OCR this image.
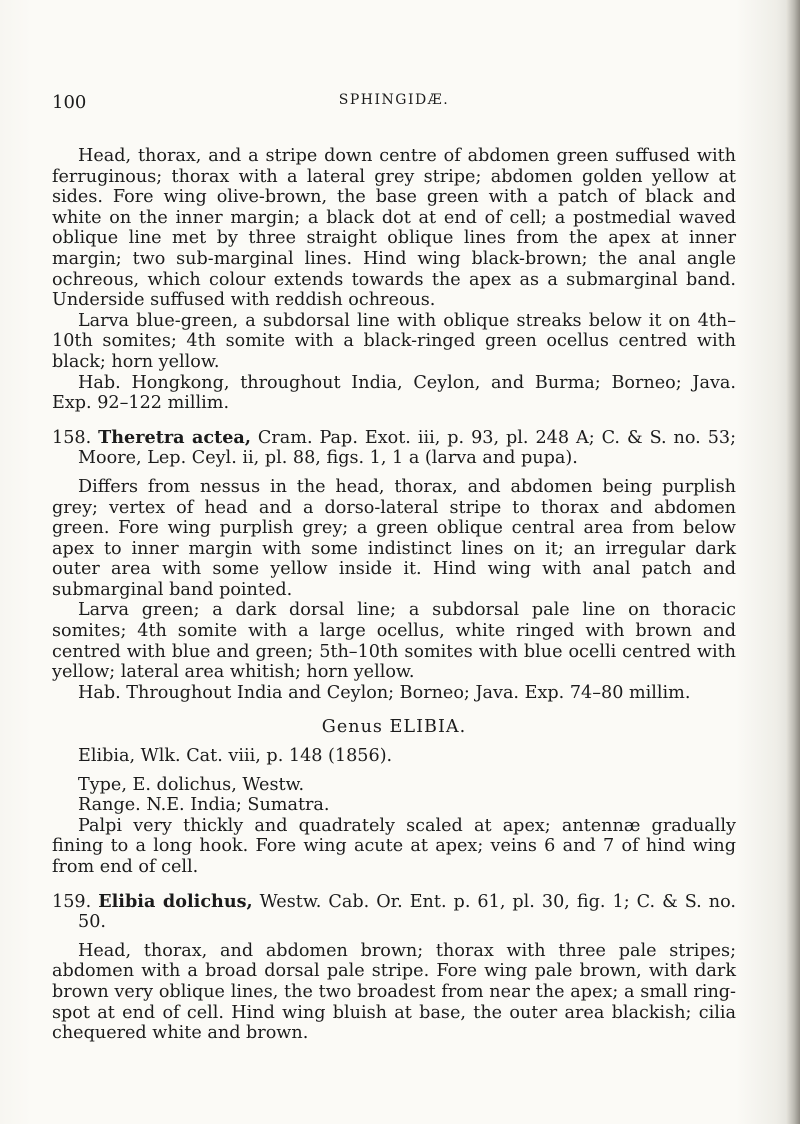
100	SPHINGIDÆ.

Head, thorax, and a stripe down centre of abdomen green suffused with ferruginous; thorax with a lateral grey stripe; abdomen golden yellow at sides. Fore wing olive-brown, the base green with a patch of black and white on the inner margin; a black dot at end of cell; a postmedial waved oblique line met by three straight oblique lines from the apex at inner margin; two sub-marginal lines. Hind wing black-brown; the anal angle ochreous, which colour extends towards the apex as a submarginal band. Underside suffused with reddish ochreous.

Larva blue-green, a subdorsal line with oblique streaks below it on 4th–10th somites; 4th somite with a black-ringed green ocellus centred with black; horn yellow.

Hab. Hongkong, throughout India, Ceylon, and Burma; Borneo; Java. Exp. 92–122 millim.

158. Theretra actea, Cram. Pap. Exot. iii, p. 93, pl. 248 A; C. & S. no. 53; Moore, Lep. Ceyl. ii, pl. 88, figs. 1, 1 a (larva and pupa).

Differs from nessus in the head, thorax, and abdomen being purplish grey; vertex of head and a dorso-lateral stripe to thorax and abdomen green. Fore wing purplish grey; a green oblique central area from below apex to inner margin with some indistinct lines on it; an irregular dark outer area with some yellow inside it. Hind wing with anal patch and submarginal band pointed.

Larva green; a dark dorsal line; a subdorsal pale line on thoracic somites; 4th somite with a large ocellus, white ringed with brown and centred with blue and green; 5th–10th somites with blue ocelli centred with yellow; lateral area whitish; horn yellow.

Hab. Throughout India and Ceylon; Borneo; Java. Exp. 74–80 millim.

Genus ELIBIA.

Elibia, Wlk. Cat. viii, p. 148 (1856).

Type, E. dolichus, Westw.

Range. N.E. India; Sumatra.

Palpi very thickly and quadrately scaled at apex; antennæ gradually fining to a long hook. Fore wing acute at apex; veins 6 and 7 of hind wing from end of cell.

159. Elibia dolichus, Westw. Cab. Or. Ent. p. 61, pl. 30, fig. 1; C. & S. no. 50.

Head, thorax, and abdomen brown; thorax with three pale stripes; abdomen with a broad dorsal pale stripe. Fore wing pale brown, with dark brown very oblique lines, the two broadest from near the apex; a small ring-spot at end of cell. Hind wing bluish at base, the outer area blackish; cilia chequered white and brown.
